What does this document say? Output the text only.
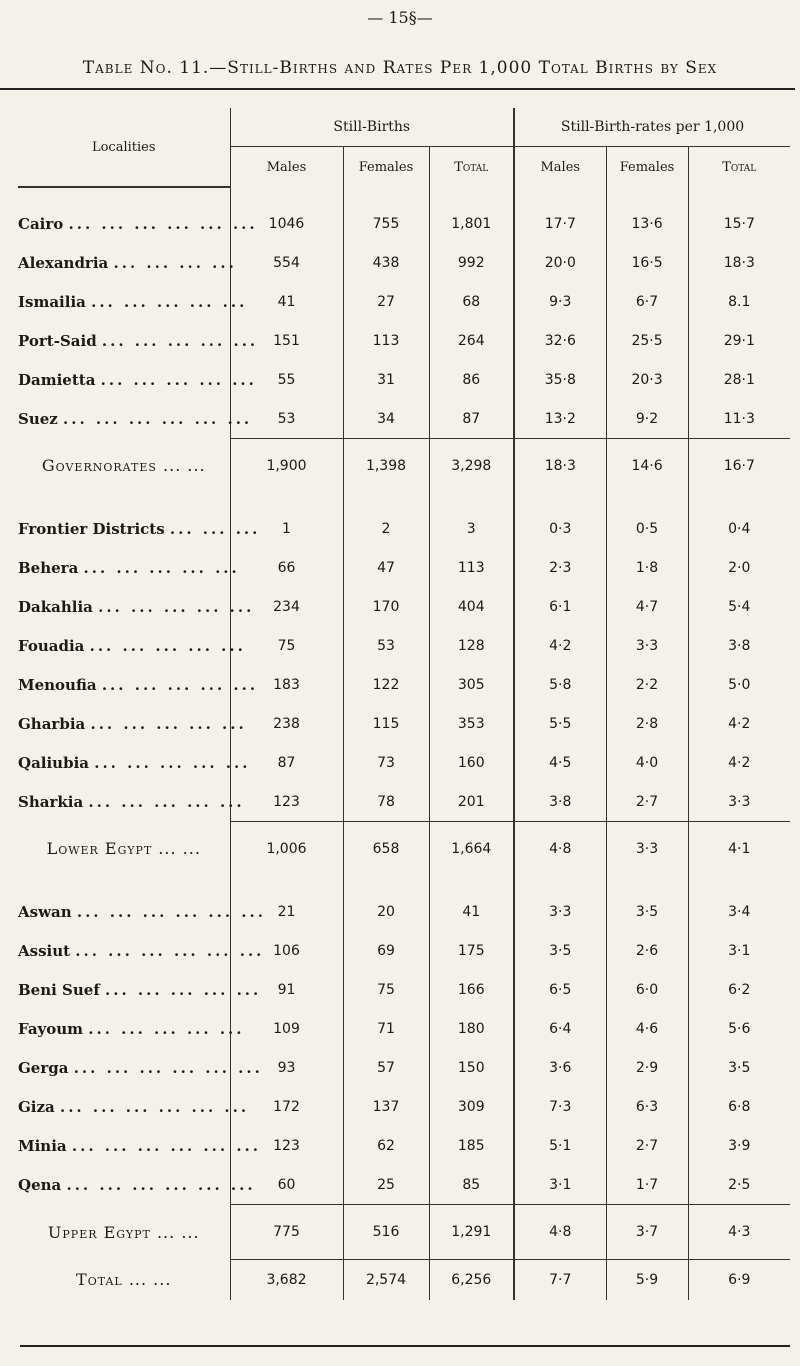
— 15§—
Table No. 11.—Still-Births and Rates Per 1,000 Total Births by Sex
Localities	Still-Births			Still-Birth-rates per 1,000		
	Males	Females	Total	Males	Females	Total

Cairo ... ... ... ... ... ...	1046	755	1,801	17·7	13·6	15·7
Alexandria ... ... ... ...	554	438	992	20·0	16·5	18·3
Ismailia ... ... ... ... ...	41	27	68	9·3	6·7	8.1
Port-Said ... ... ... ... ...	151	113	264	32·6	25·5	29·1
Damietta ... ... ... ... ...	55	31	86	35·8	20·3	28·1
Suez ... ... ... ... ... ...	53	34	87	13·2	9·2	11·3
Governorates ... ...	1,900	1,398	3,298	18·3	14·6	16·7

Frontier Districts ... ... ...	1	2	3	0·3	0·5	0·4
Behera ... ... ... ... ...	66	47	113	2·3	1·8	2·0
Dakahlia ... ... ... ... ...	234	170	404	6·1	4·7	5·4
Fouadia ... ... ... ... ...	75	53	128	4·2	3·3	3·8
Menoufia ... ... ... ... ...	183	122	305	5·8	2·2	5·0
Gharbia ... ... ... ... ...	238	115	353	5·5	2·8	4·2
Qaliubia ... ... ... ... ...	87	73	160	4·5	4·0	4·2
Sharkia ... ... ... ... ...	123	78	201	3·8	2·7	3·3
Lower Egypt ... ...	1,006	658	1,664	4·8	3·3	4·1

Aswan ... ... ... ... ... ...	21	20	41	3·3	3·5	3·4
Assiut ... ... ... ... ... ...	106	69	175	3·5	2·6	3·1
Beni Suef ... ... ... ... ...	91	75	166	6·5	6·0	6·2
Fayoum ... ... ... ... ...	109	71	180	6·4	4·6	5·6
Gerga ... ... ... ... ... ...	93	57	150	3·6	2·9	3·5
Giza ... ... ... ... ... ...	172	137	309	7·3	6·3	6·8
Minia ... ... ... ... ... ...	123	62	185	5·1	2·7	3·9
Qena ... ... ... ... ... ...	60	25	85	3·1	1·7	2·5
Upper Egypt ... ...	775	516	1,291	4·8	3·7	4·3
Total ... ...	3,682	2,574	6,256	7·7	5·9	6·9
